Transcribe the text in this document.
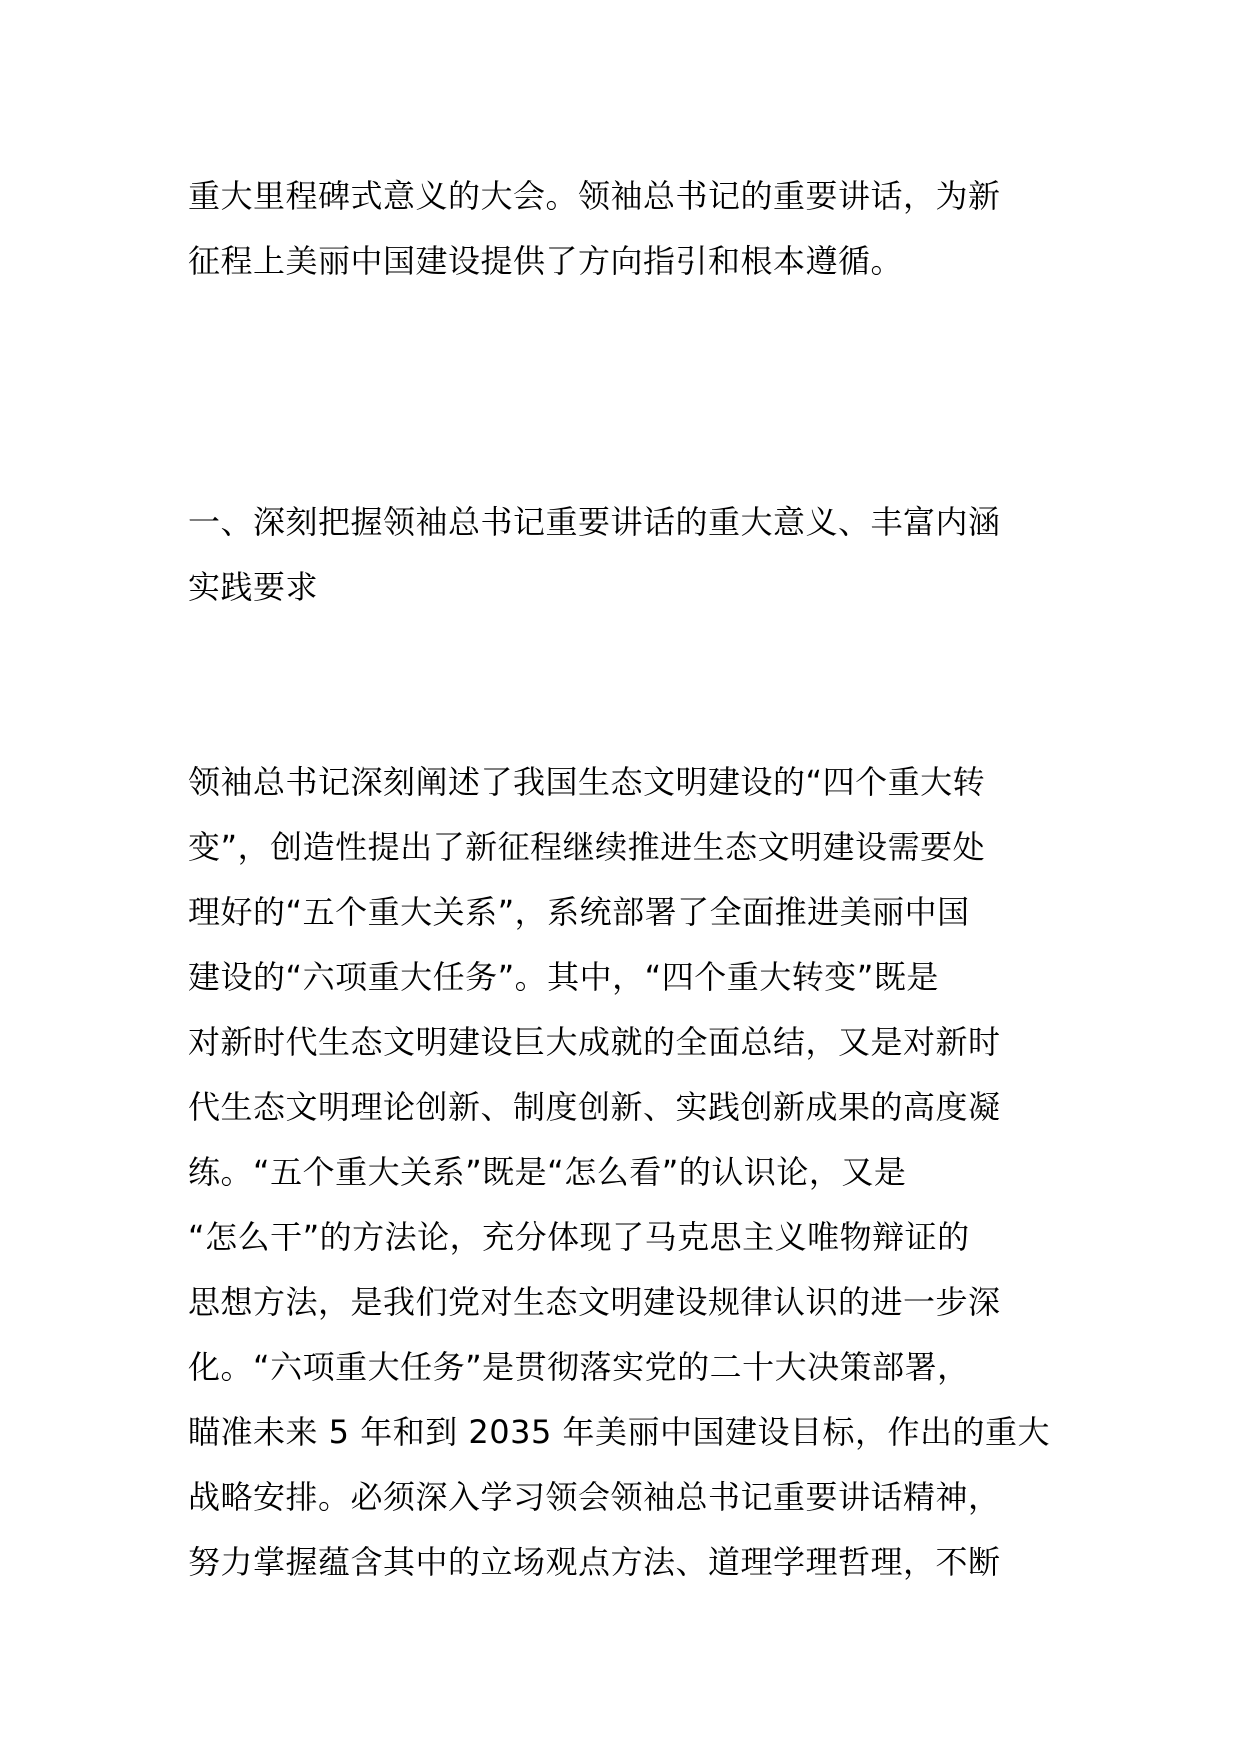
重大里程碑式意义的大会。领袖总书记的重要讲话，为新
征程上美丽中国建设提供了方向指引和根本遵循。

一、深刻把握领袖总书记重要讲话的重大意义、丰富内涵
实践要求

领袖总书记深刻阐述了我国生态文明建设的“四个重大转
变”，创造性提出了新征程继续推进生态文明建设需要处
理好的“五个重大关系”，系统部署了全面推进美丽中国
建设的“六项重大任务”。其中，“四个重大转变”既是
对新时代生态文明建设巨大成就的全面总结，又是对新时
代生态文明理论创新、制度创新、实践创新成果的高度凝
练。“五个重大关系”既是“怎么看”的认识论，又是
“怎么干”的方法论，充分体现了马克思主义唯物辩证的
思想方法，是我们党对生态文明建设规律认识的进一步深
化。“六项重大任务”是贯彻落实党的二十大决策部署，
瞄准未来 5 年和到 2035 年美丽中国建设目标，作出的重大
战略安排。必须深入学习领会领袖总书记重要讲话精神，
努力掌握蕴含其中的立场观点方法、道理学理哲理，不断
